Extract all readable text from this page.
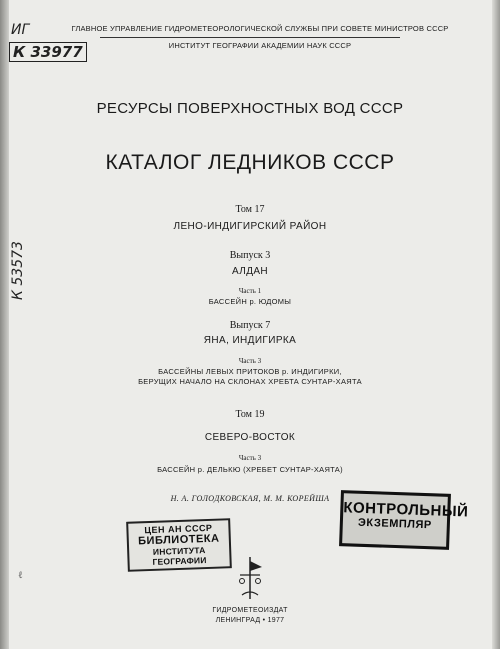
ГЛАВНОЕ УПРАВЛЕНИЕ ГИДРОМЕТЕОРОЛОГИЧЕСКОЙ СЛУЖБЫ ПРИ СОВЕТЕ МИНИСТРОВ СССР
ИНСТИТУТ ГЕОГРАФИИ АКАДЕМИИ НАУК СССР
ИГ
К 33977
К 53573
РЕСУРСЫ ПОВЕРХНОСТНЫХ ВОД СССР
КАТАЛОГ ЛЕДНИКОВ СССР
Том 17
ЛЕНО-ИНДИГИРСКИЙ РАЙОН
Выпуск 3
АЛДАН
Часть 1
БАССЕЙН р. ЮДОМЫ
Выпуск 7
ЯНА, ИНДИГИРКА
Часть 3
БАССЕЙНЫ ЛЕВЫХ ПРИТОКОВ р. ИНДИГИРКИ,
БЕРУЩИХ НАЧАЛО НА СКЛОНАХ ХРЕБТА СУНТАР-ХАЯТА
Том 19
СЕВЕРО-ВОСТОК
Часть 3
БАССЕЙН р. ДЕЛЬКЮ (ХРЕБЕТ СУНТАР-ХАЯТА)
Н. А. ГОЛОДКОВСКАЯ, М. М. КОРЕЙША
ЦЕН АН СССР
БИБЛИОТЕКА
ИНСТИТУТА ГЕОГРАФИИ
КОНТРОЛЬНЫЙ
ЭКЗЕМПЛЯР
ГИДРОМЕТЕОИЗДАТ
ЛЕНИНГРАД • 1977
ℓ
